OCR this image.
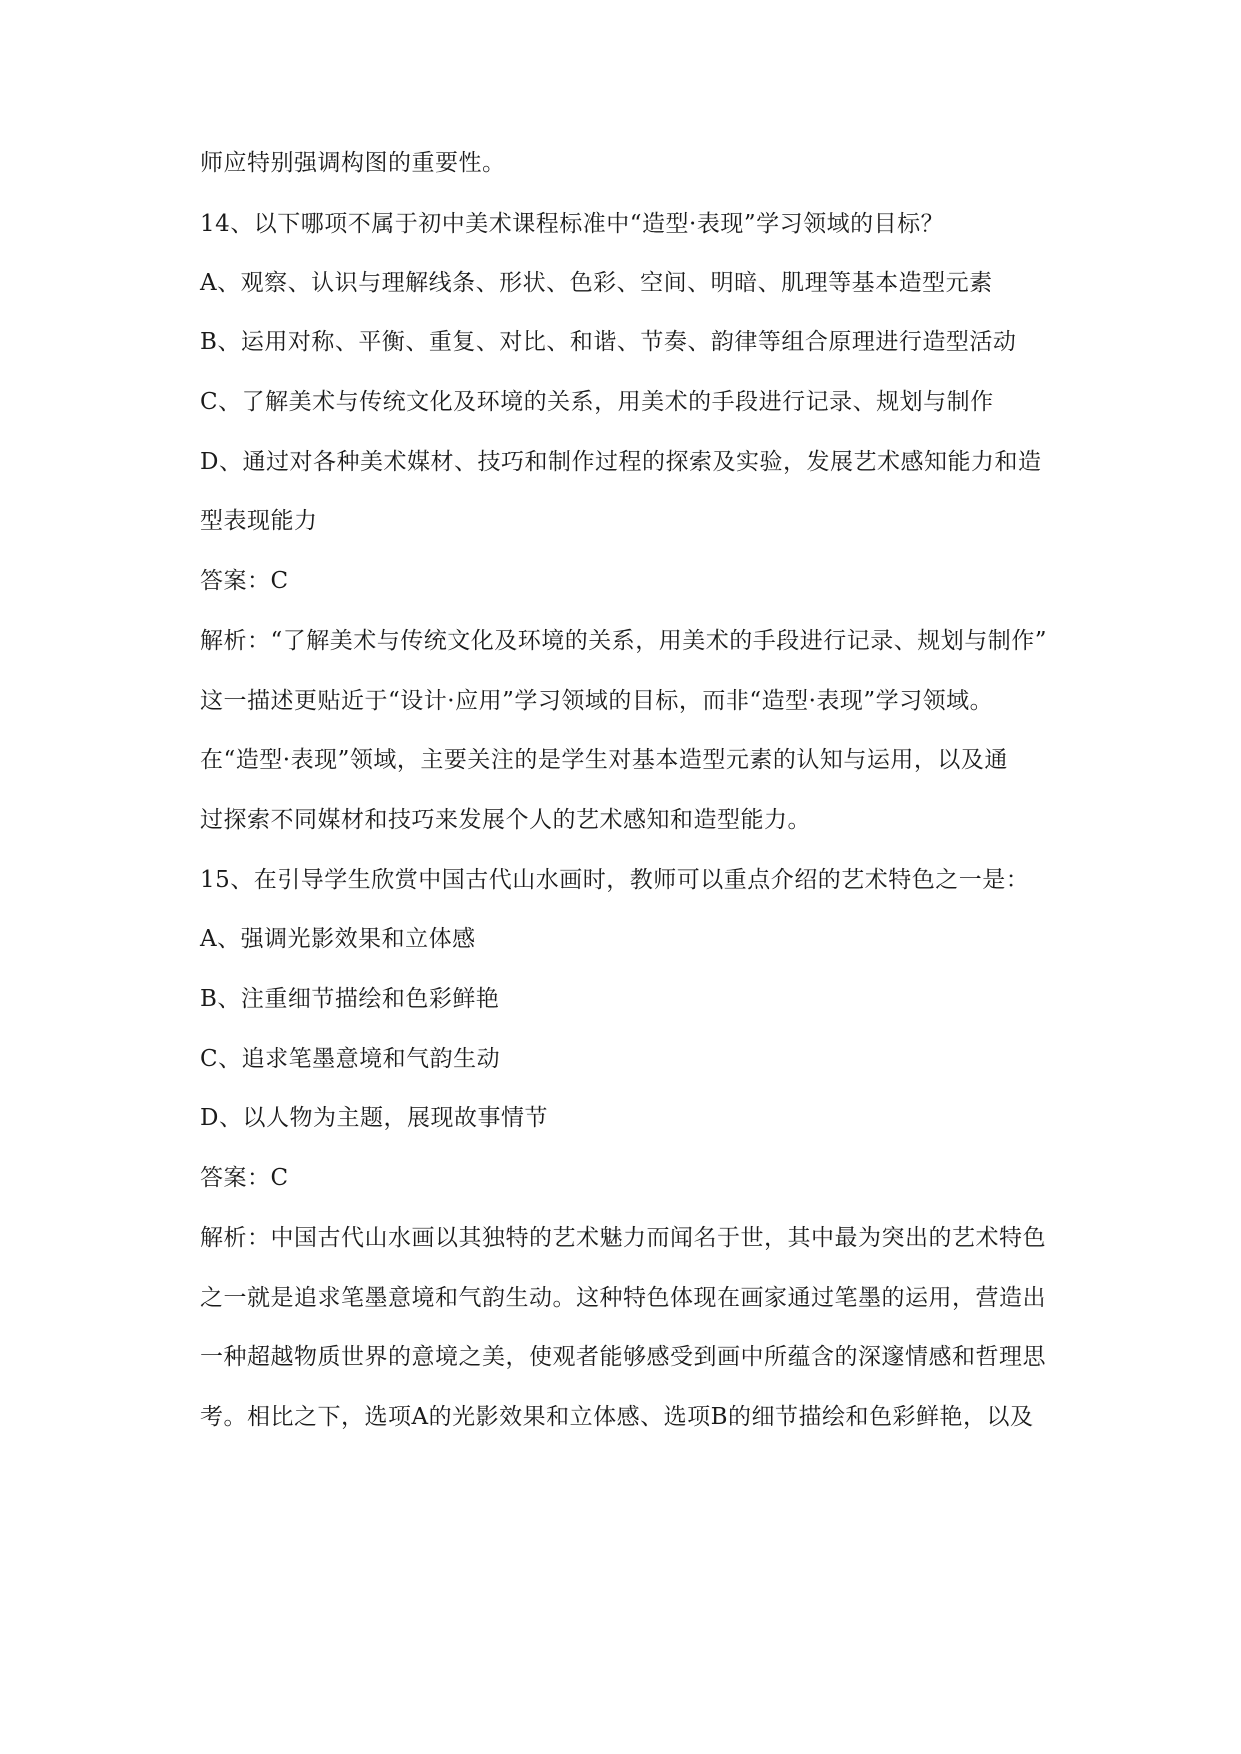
师应特别强调构图的重要性。
14、以下哪项不属于初中美术课程标准中“造型·表现”学习领域的目标？
A、观察、认识与理解线条、形状、色彩、空间、明暗、肌理等基本造型元素
B、运用对称、平衡、重复、对比、和谐、节奏、韵律等组合原理进行造型活动
C、了解美术与传统文化及环境的关系，用美术的手段进行记录、规划与制作
D、通过对各种美术媒材、技巧和制作过程的探索及实验，发展艺术感知能力和造
型表现能力
答案：C
解析：“了解美术与传统文化及环境的关系，用美术的手段进行记录、规划与制作”
这一描述更贴近于“设计·应用”学习领域的目标，而非“造型·表现”学习领域。
在“造型·表现”领域，主要关注的是学生对基本造型元素的认知与运用，以及通
过探索不同媒材和技巧来发展个人的艺术感知和造型能力。
15、在引导学生欣赏中国古代山水画时，教师可以重点介绍的艺术特色之一是：
A、强调光影效果和立体感
B、注重细节描绘和色彩鲜艳
C、追求笔墨意境和气韵生动
D、以人物为主题，展现故事情节
答案：C
解析：中国古代山水画以其独特的艺术魅力而闻名于世，其中最为突出的艺术特色
之一就是追求笔墨意境和气韵生动。这种特色体现在画家通过笔墨的运用，营造出
一种超越物质世界的意境之美，使观者能够感受到画中所蕴含的深邃情感和哲理思
考。相比之下，选项A的光影效果和立体感、选项B的细节描绘和色彩鲜艳，以及
